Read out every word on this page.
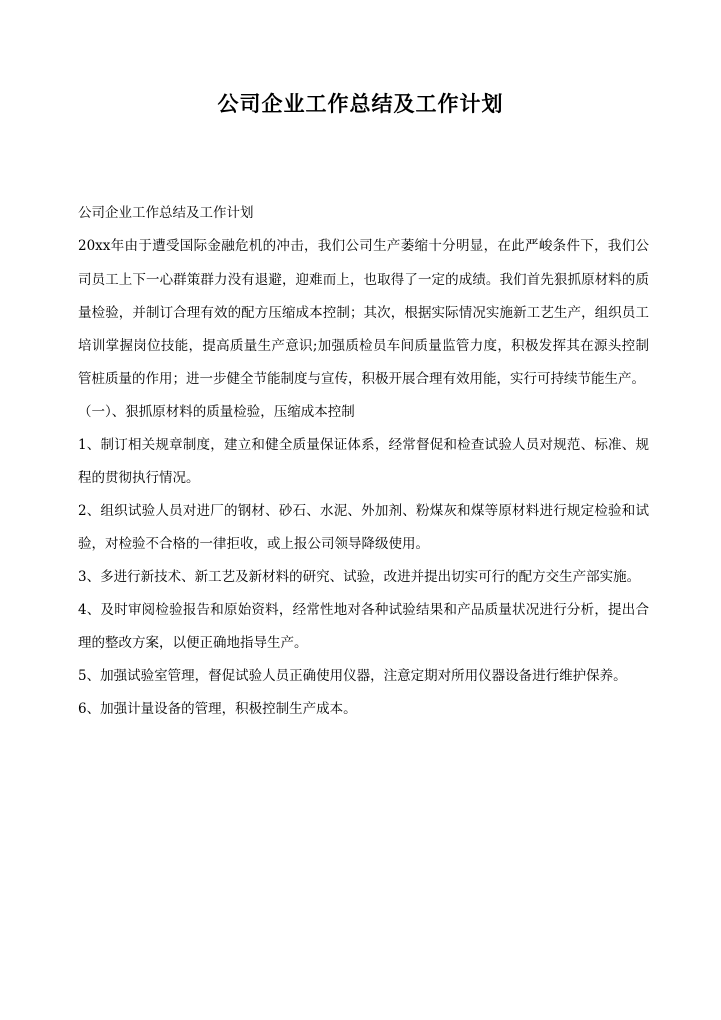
公司企业工作总结及工作计划

公司企业工作总结及工作计划

20xx年由于遭受国际金融危机的冲击，我们公司生产萎缩十分明显，在此严峻条件下，我们公司员工上下一心群策群力没有退避，迎难而上，也取得了一定的成绩。我们首先狠抓原材料的质量检验，并制订合理有效的配方压缩成本控制；其次，根据实际情况实施新工艺生产，组织员工培训掌握岗位技能，提高质量生产意识;加强质检员车间质量监管力度，积极发挥其在源头控制管桩质量的作用；进一步健全节能制度与宣传，积极开展合理有效用能，实行可持续节能生产。

（一）、狠抓原材料的质量检验，压缩成本控制

1、制订相关规章制度，建立和健全质量保证体系，经常督促和检查试验人员对规范、标准、规程的贯彻执行情况。

2、组织试验人员对进厂的钢材、砂石、水泥、外加剂、粉煤灰和煤等原材料进行规定检验和试验，对检验不合格的一律拒收，或上报公司领导降级使用。

3、多进行新技术、新工艺及新材料的研究、试验，改进并提出切实可行的配方交生产部实施。

4、及时审阅检验报告和原始资料，经常性地对各种试验结果和产品质量状况进行分析，提出合理的整改方案，以便正确地指导生产。

5、加强试验室管理，督促试验人员正确使用仪器，注意定期对所用仪器设备进行维护保养。

6、加强计量设备的管理，积极控制生产成本。
